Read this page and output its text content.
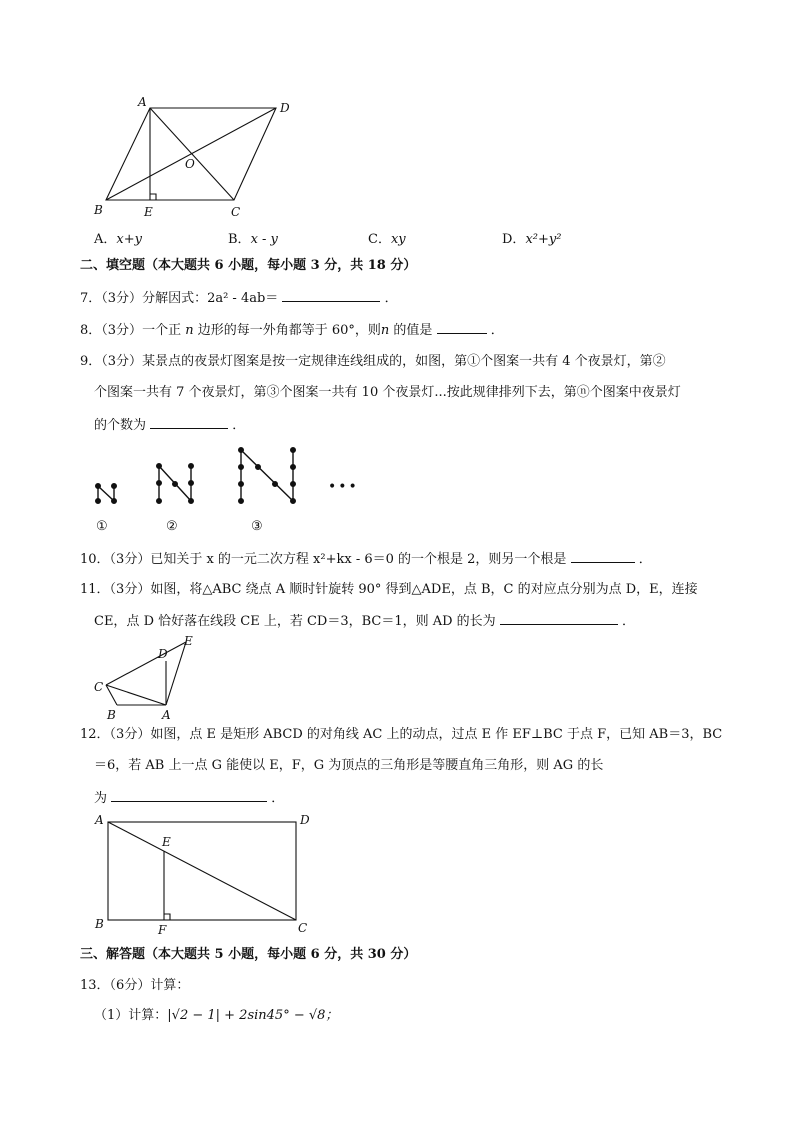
A	D
O
B	E	C
A．x+y	B．x - y	C．xy	D．x²+y²
二、填空题（本大题共 6 小题，每小题 3 分，共 18 分）
7．（3分）分解因式：2a² - 4ab＝	．
8．（3分）一个正 n 边形的每一外角都等于 60°，则n 的值是	．
9．（3分）某景点的夜景灯图案是按一定规律连线组成的，如图，第①个图案一共有 4 个夜景灯，第②
个图案一共有 7 个夜景灯，第③个图案一共有 10 个夜景灯...按此规律排列下去，第ⓝ个图案中夜景灯
的个数为	．
•••
①	②	③
10．（3分）已知关于 x 的一元二次方程 x²+kx - 6＝0 的一个根是 2，则另一个根是	．
11．（3分）如图，将△ABC 绕点 A 顺时针旋转 90° 得到△ADE，点 B，C 的对应点分别为点 D，E，连接
CE，点 D 恰好落在线段 CE 上，若 CD＝3，BC＝1，则 AD 的长为	．
E
D
C
B	A
12．（3分）如图，点 E 是矩形 ABCD 的对角线 AC 上的动点，过点 E 作 EF⊥BC 于点 F，已知 AB＝3，BC
＝6，若 AB 上一点 G 能使以 E，F，G 为顶点的三角形是等腰直角三角形，则 AG 的长
为	．
A	D
E
B	F	C
三、解答题（本大题共 5 小题，每小题 6 分，共 30 分）
13．（6分）计算：
（1）计算：|√2 − 1| + 2sin45° − √8；
